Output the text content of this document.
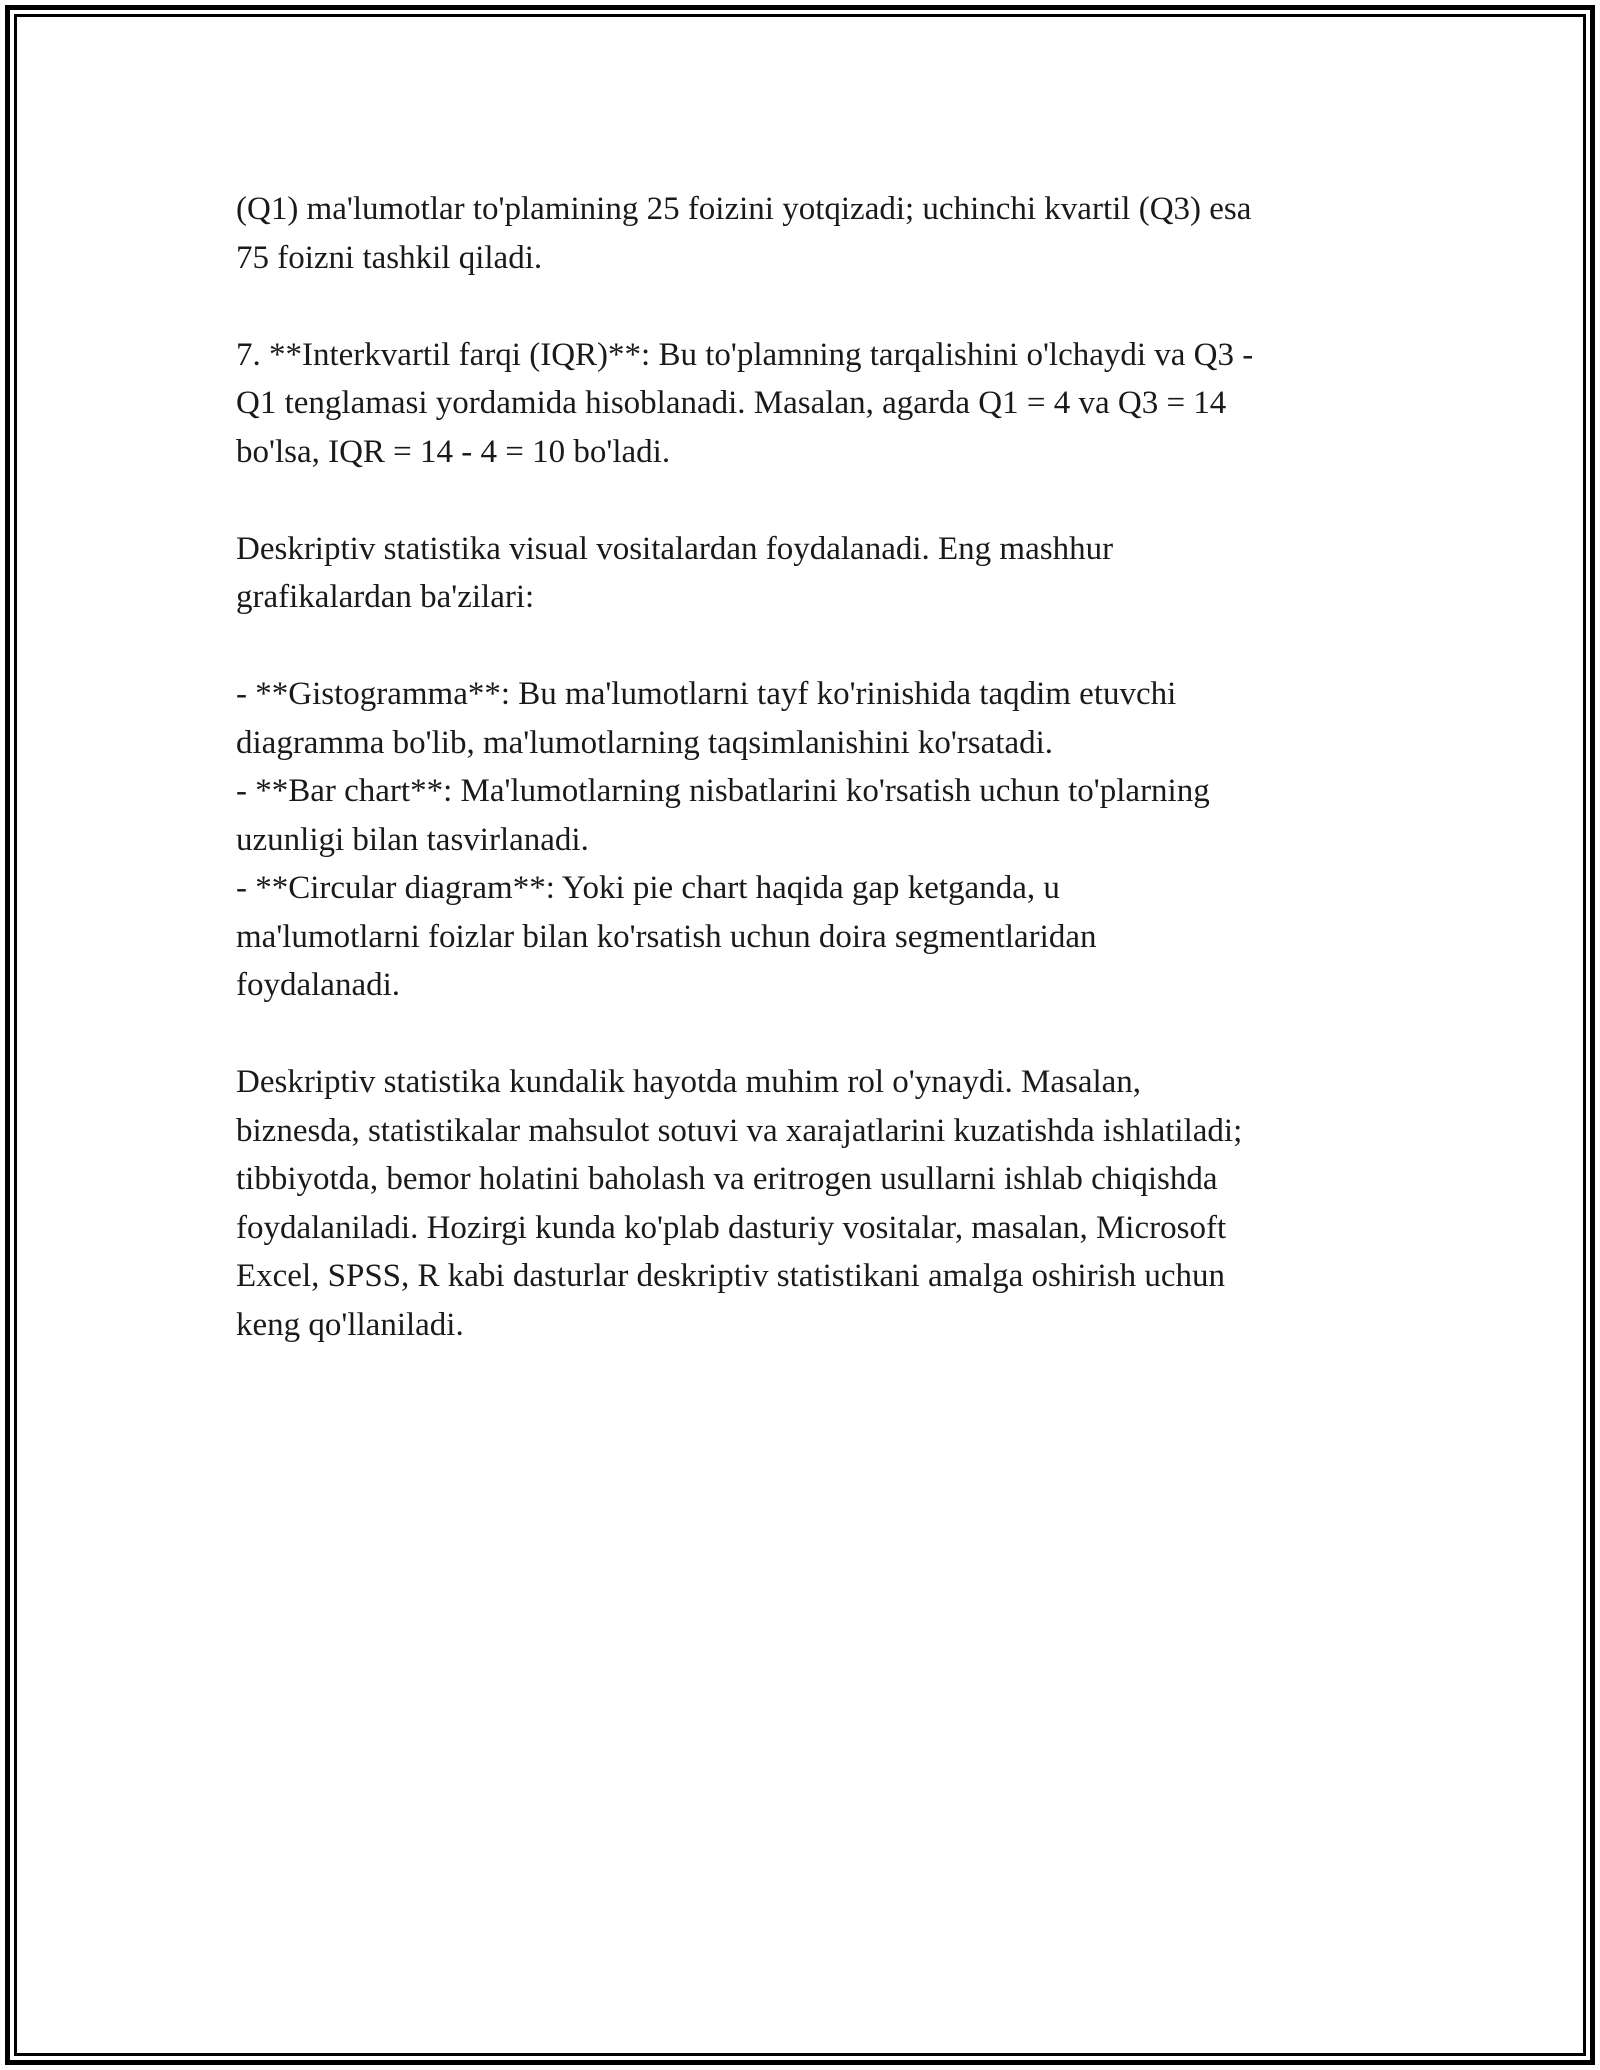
(Q1) ma'lumotlar to'plamining 25 foizini yotqizadi; uchinchi kvartil (Q3) esa

75 foizni tashkil qiladi.

7. **Interkvartil farqi (IQR)**: Bu to'plamning tarqalishini o'lchaydi va Q3 -

Q1 tenglamasi yordamida hisoblanadi. Masalan, agarda Q1 = 4 va Q3 = 14

bo'lsa, IQR = 14 - 4 = 10 bo'ladi.

Deskriptiv statistika visual vositalardan foydalanadi. Eng mashhur

grafikalardan ba'zilari:

- **Gistogramma**: Bu ma'lumotlarni tayf ko'rinishida taqdim etuvchi

diagramma bo'lib, ma'lumotlarning taqsimlanishini ko'rsatadi.

- **Bar chart**: Ma'lumotlarning nisbatlarini ko'rsatish uchun to'plarning

uzunligi bilan tasvirlanadi.

- **Circular diagram**: Yoki pie chart haqida gap ketganda, u

ma'lumotlarni foizlar bilan ko'rsatish uchun doira segmentlaridan

foydalanadi.

Deskriptiv statistika kundalik hayotda muhim rol o'ynaydi. Masalan,

biznesda, statistikalar mahsulot sotuvi va xarajatlarini kuzatishda ishlatiladi;

tibbiyotda, bemor holatini baholash va eritrogen usullarni ishlab chiqishda

foydalaniladi. Hozirgi kunda ko'plab dasturiy vositalar, masalan, Microsoft

Excel, SPSS, R kabi dasturlar deskriptiv statistikani amalga oshirish uchun

keng qo'llaniladi.
